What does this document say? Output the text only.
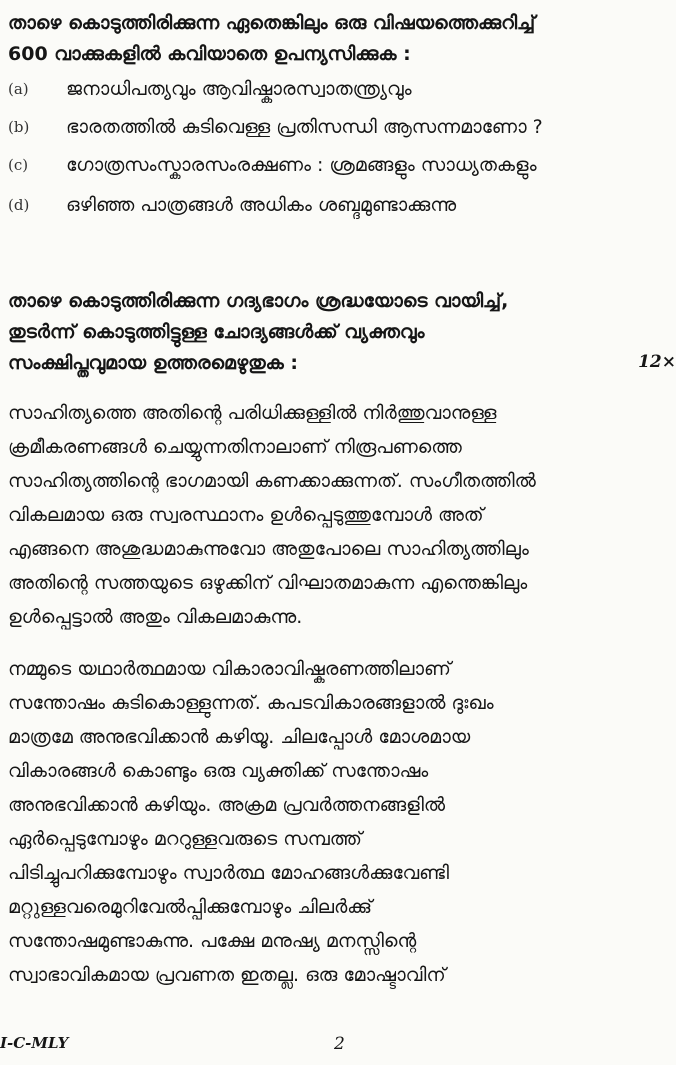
താഴെ കൊടുത്തിരിക്കുന്ന ഏതെങ്കിലും ഒരു വിഷയത്തെക്കുറിച്ച്
600 വാക്കുകളിൽ കവിയാതെ ഉപന്യസിക്കുക :
(a)	ജനാധിപത്യവും ആവിഷ്കാരസ്വാതന്ത്ര്യവും
(b)	ഭാരതത്തിൽ കുടിവെള്ള പ്രതിസന്ധി ആസന്നമാണോ ?
(c)	ഗോത്രസംസ്കാരസംരക്ഷണം : ശ്രമങ്ങളും സാധ്യതകളും
(d)	ഒഴിഞ്ഞ പാത്രങ്ങൾ അധികം ശബ്ദമുണ്ടാക്കുന്നു
താഴെ കൊടുത്തിരിക്കുന്ന ഗദ്യഭാഗം ശ്രദ്ധയോടെ വായിച്ച്,
തുടർന്ന് കൊടുത്തിട്ടുള്ള ചോദ്യങ്ങൾക്ക് വ്യക്തവും
സംക്ഷിപ്തവുമായ ഉത്തരമെഴുതുക :	12×
സാഹിത്യത്തെ അതിന്റെ പരിധിക്കുള്ളിൽ നിർത്തുവാനുള്ള
ക്രമീകരണങ്ങൾ ചെയ്യുന്നതിനാലാണ് നിരൂപണത്തെ
സാഹിത്യത്തിന്റെ ഭാഗമായി കണക്കാക്കുന്നത്. സംഗീതത്തിൽ
വികലമായ ഒരു സ്വരസ്ഥാനം ഉൾപ്പെടുത്തുമ്പോൾ അത്
എങ്ങനെ അശുദ്ധമാകുന്നുവോ അതുപോലെ സാഹിത്യത്തിലും
അതിന്റെ സത്തയുടെ ഒഴുക്കിന് വിഘാതമാകുന്ന എന്തെങ്കിലും
ഉൾപ്പെട്ടാൽ അതും വികലമാകുന്നു.
നമ്മുടെ യഥാർത്ഥമായ വികാരാവിഷ്കരണത്തിലാണ്
സന്തോഷം കുടികൊള്ളുന്നത്. കപടവികാരങ്ങളാൽ ദുഃഖം
മാത്രമേ അനുഭവിക്കാൻ കഴിയൂ. ചിലപ്പോൾ മോശമായ
വികാരങ്ങൾ കൊണ്ടും ഒരു വ്യക്തിക്ക് സന്തോഷം
അനുഭവിക്കാൻ കഴിയും. അക്രമ പ്രവർത്തനങ്ങളിൽ
ഏർപ്പെടുമ്പോഴും മററുള്ളവരുടെ സമ്പത്ത്
പിടിച്ചുപറിക്കുമ്പോഴും സ്വാർത്ഥ മോഹങ്ങൾക്കുവേണ്ടി
മറ്റുള്ളവരെമുറിവേൽപ്പിക്കുമ്പോഴും ചിലർക്കു്
സന്തോഷമുണ്ടാകുന്നു. പക്ഷേ മനുഷ്യ മനസ്സിന്റെ
സ്വാഭാവികമായ പ്രവണത ഇതല്ല. ഒരു മോഷ്ടാവിന്
I-C-MLY	2
